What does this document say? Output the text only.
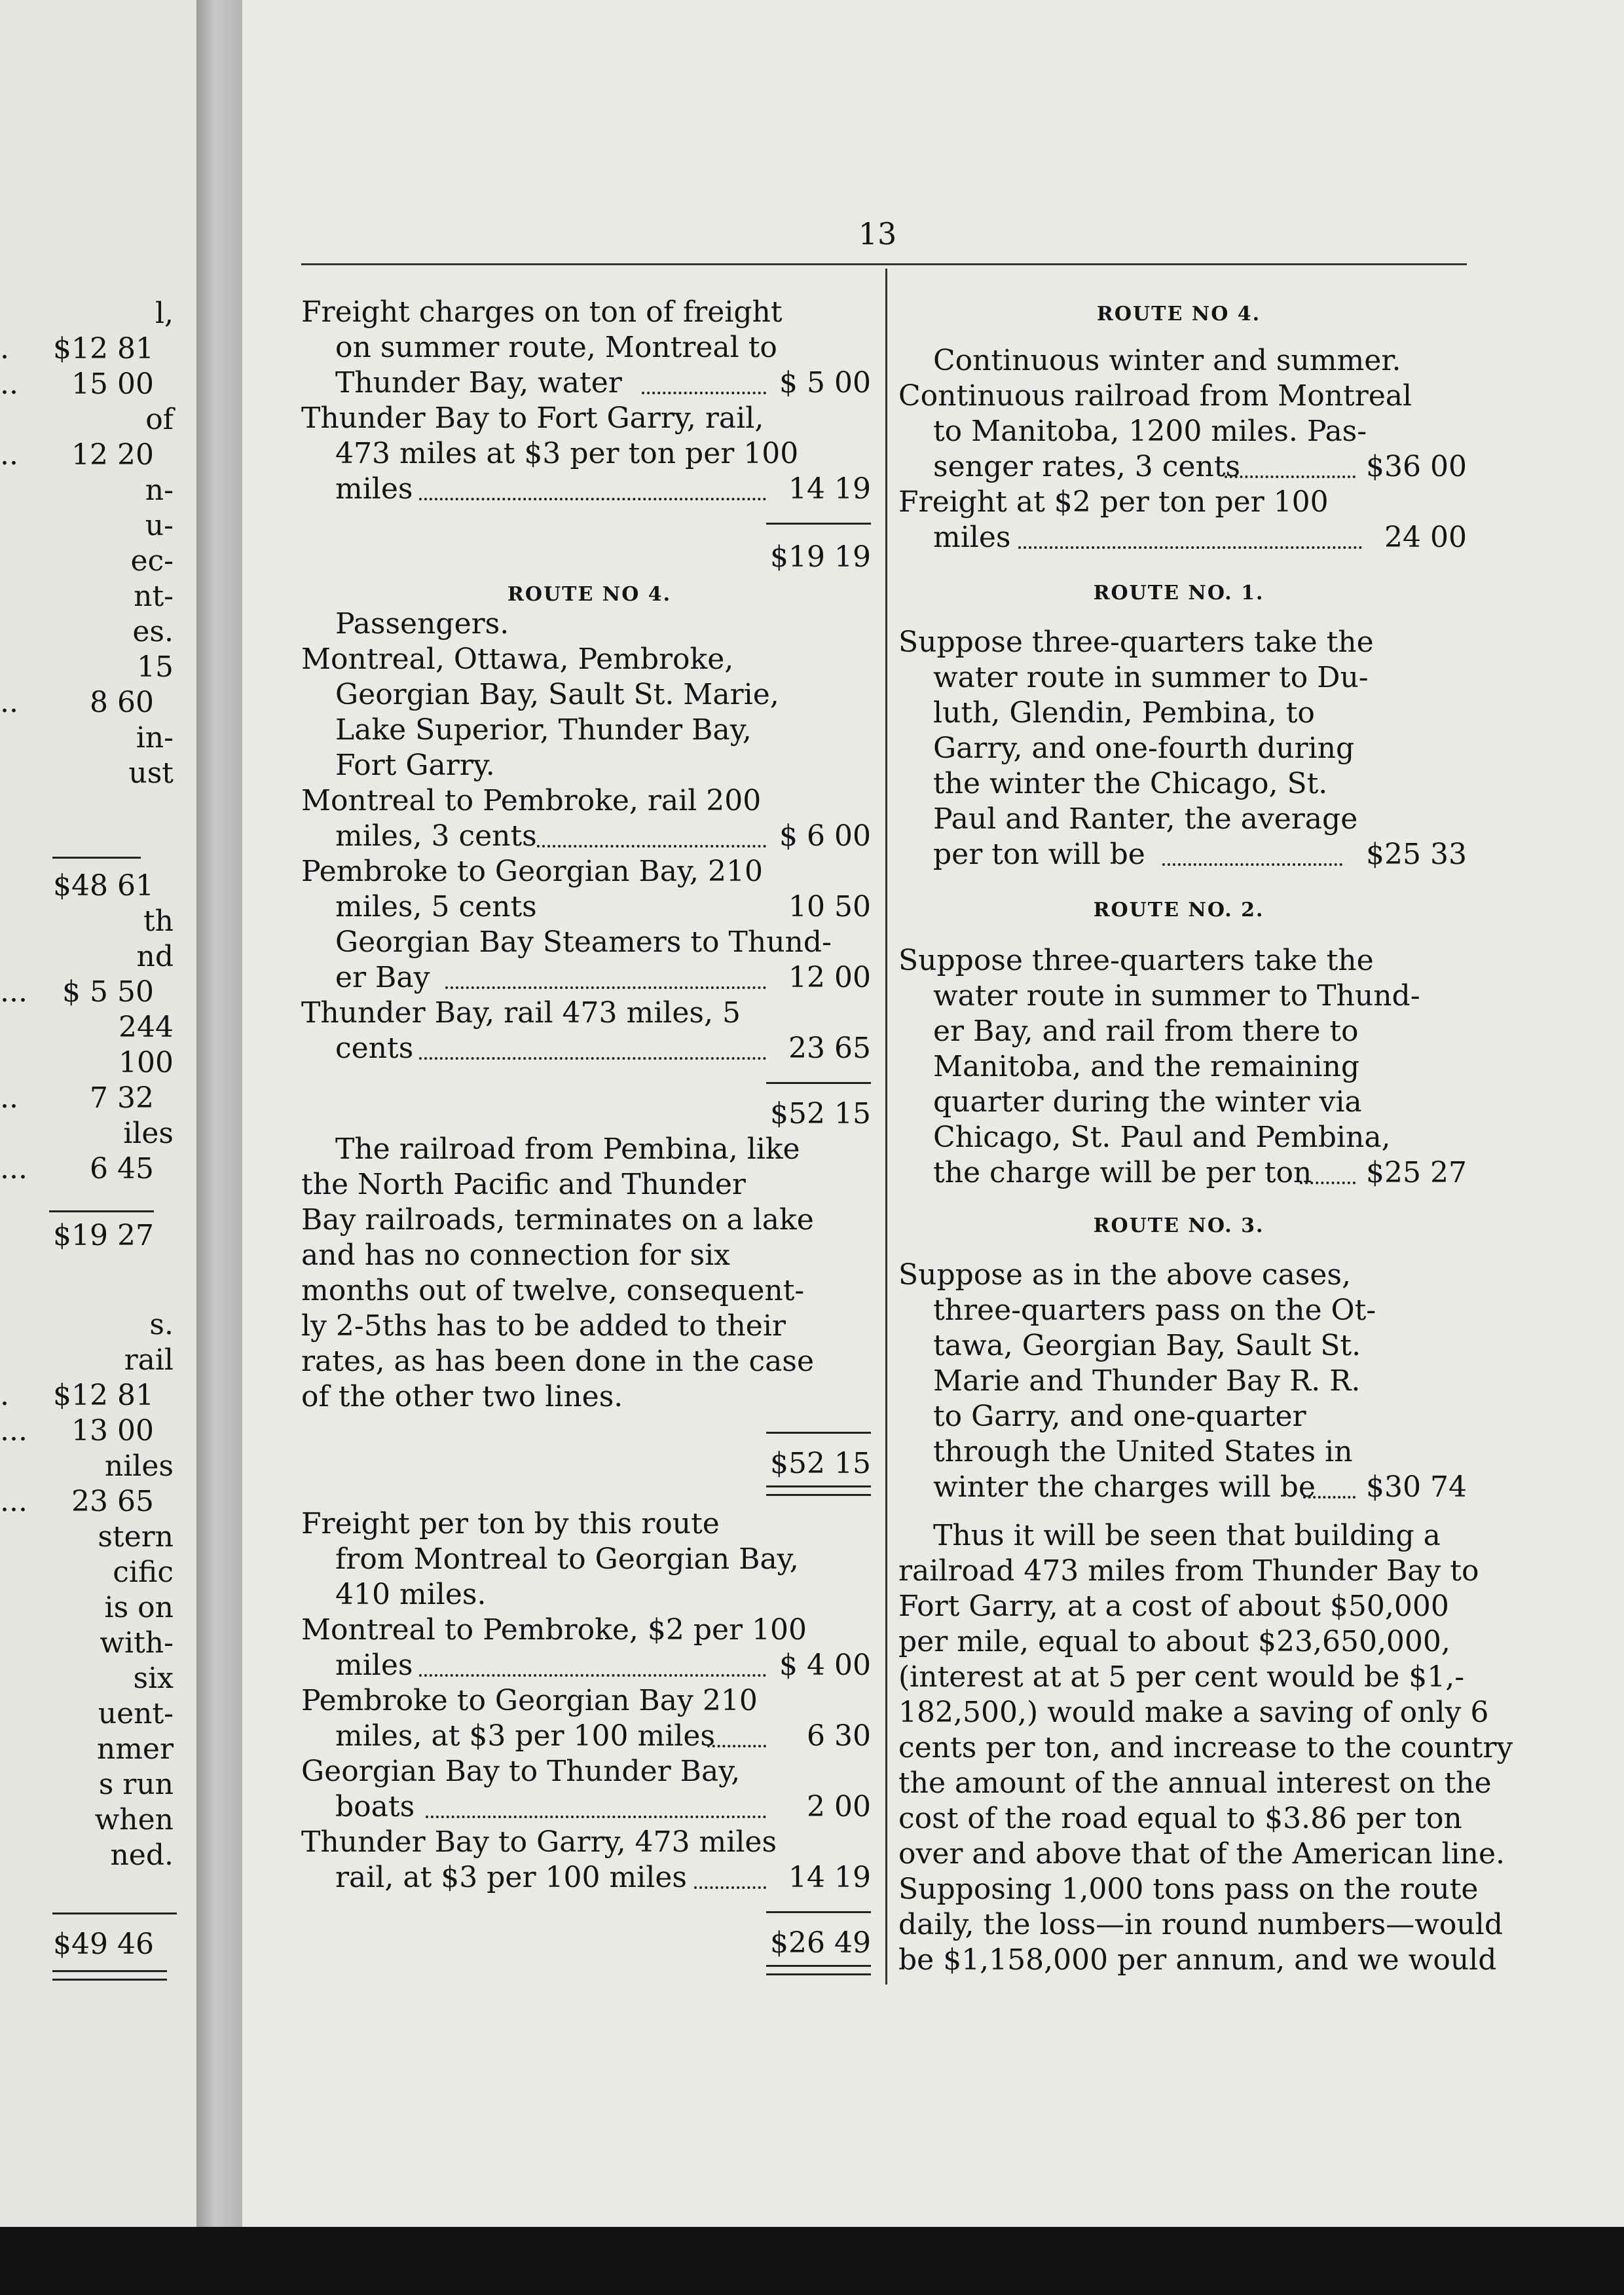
l,
.	$12 81
..	15 00
of
..	12 20
n-
u-
ec-
nt-
es.
15
..	8 60
in-
ust
$48 61
th
nd
...	$ 5 50
244
100
..	7 32
iles
...	6 45
$19 27
s.
rail
.	$12 81
...	13 00
niles
...	23 65
stern
cific
is on
with-
six
uent-
nmer
s run
when
ned.
$49 46
13
Freight charges on ton of freight
on summer route, Montreal to
Thunder Bay, water	$ 5 00
Thunder Bay to Fort Garry, rail,
473 miles at $3 per ton per 100
miles	14 19
$19 19
ROUTE NO 4.
Passengers.
Montreal, Ottawa, Pembroke,
Georgian Bay, Sault St. Marie,
Lake Superior, Thunder Bay,
Fort Garry.
Montreal to Pembroke, rail 200
miles, 3 cents	$ 6 00
Pembroke to Georgian Bay, 210
miles, 5 cents	10 50
Georgian Bay Steamers to Thund-
er Bay	12 00
Thunder Bay, rail 473 miles, 5
cents	23 65
$52 15
The railroad from Pembina, like
the North Pacific and Thunder
Bay railroads, terminates on a lake
and has no connection for six
months out of twelve, consequent-
ly 2-5ths has to be added to their
rates, as has been done in the case
of the other two lines.
$52 15
Freight per ton by this route
from Montreal to Georgian Bay,
410 miles.
Montreal to Pembroke, $2 per 100
miles	$ 4 00
Pembroke to Georgian Bay 210
miles, at $3 per 100 miles	6 30
Georgian Bay to Thunder Bay,
boats	2 00
Thunder Bay to Garry, 473 miles
rail, at $3 per 100 miles	14 19
$26 49
ROUTE NO 4.
Continuous winter and summer.
Continuous railroad from Montreal
to Manitoba, 1200 miles. Pas-
senger rates, 3 cents	$36 00
Freight at $2 per ton per 100
miles	24 00
ROUTE NO. 1.
Suppose three-quarters take the
water route in summer to Du-
luth, Glendin, Pembina, to
Garry, and one-fourth during
the winter the Chicago, St.
Paul and Ranter, the average
per ton will be	$25 33
ROUTE NO. 2.
Suppose three-quarters take the
water route in summer to Thund-
er Bay, and rail from there to
Manitoba, and the remaining
quarter during the winter via
Chicago, St. Paul and Pembina,
the charge will be per ton	$25 27
ROUTE NO. 3.
Suppose as in the above cases,
three-quarters pass on the Ot-
tawa, Georgian Bay, Sault St.
Marie and Thunder Bay R. R.
to Garry, and one-quarter
through the United States in
winter the charges will be	$30 74
Thus it will be seen that building a
railroad 473 miles from Thunder Bay to
Fort Garry, at a cost of about $50,000
per mile, equal to about $23,650,000,
(interest at at 5 per cent would be $1,-
182,500,) would make a saving of only 6
cents per ton, and increase to the country
the amount of the annual interest on the
cost of the road equal to $3.86 per ton
over and above that of the American line.
Supposing 1,000 tons pass on the route
daily, the loss—in round numbers—would
be $1,158,000 per annum, and we would
